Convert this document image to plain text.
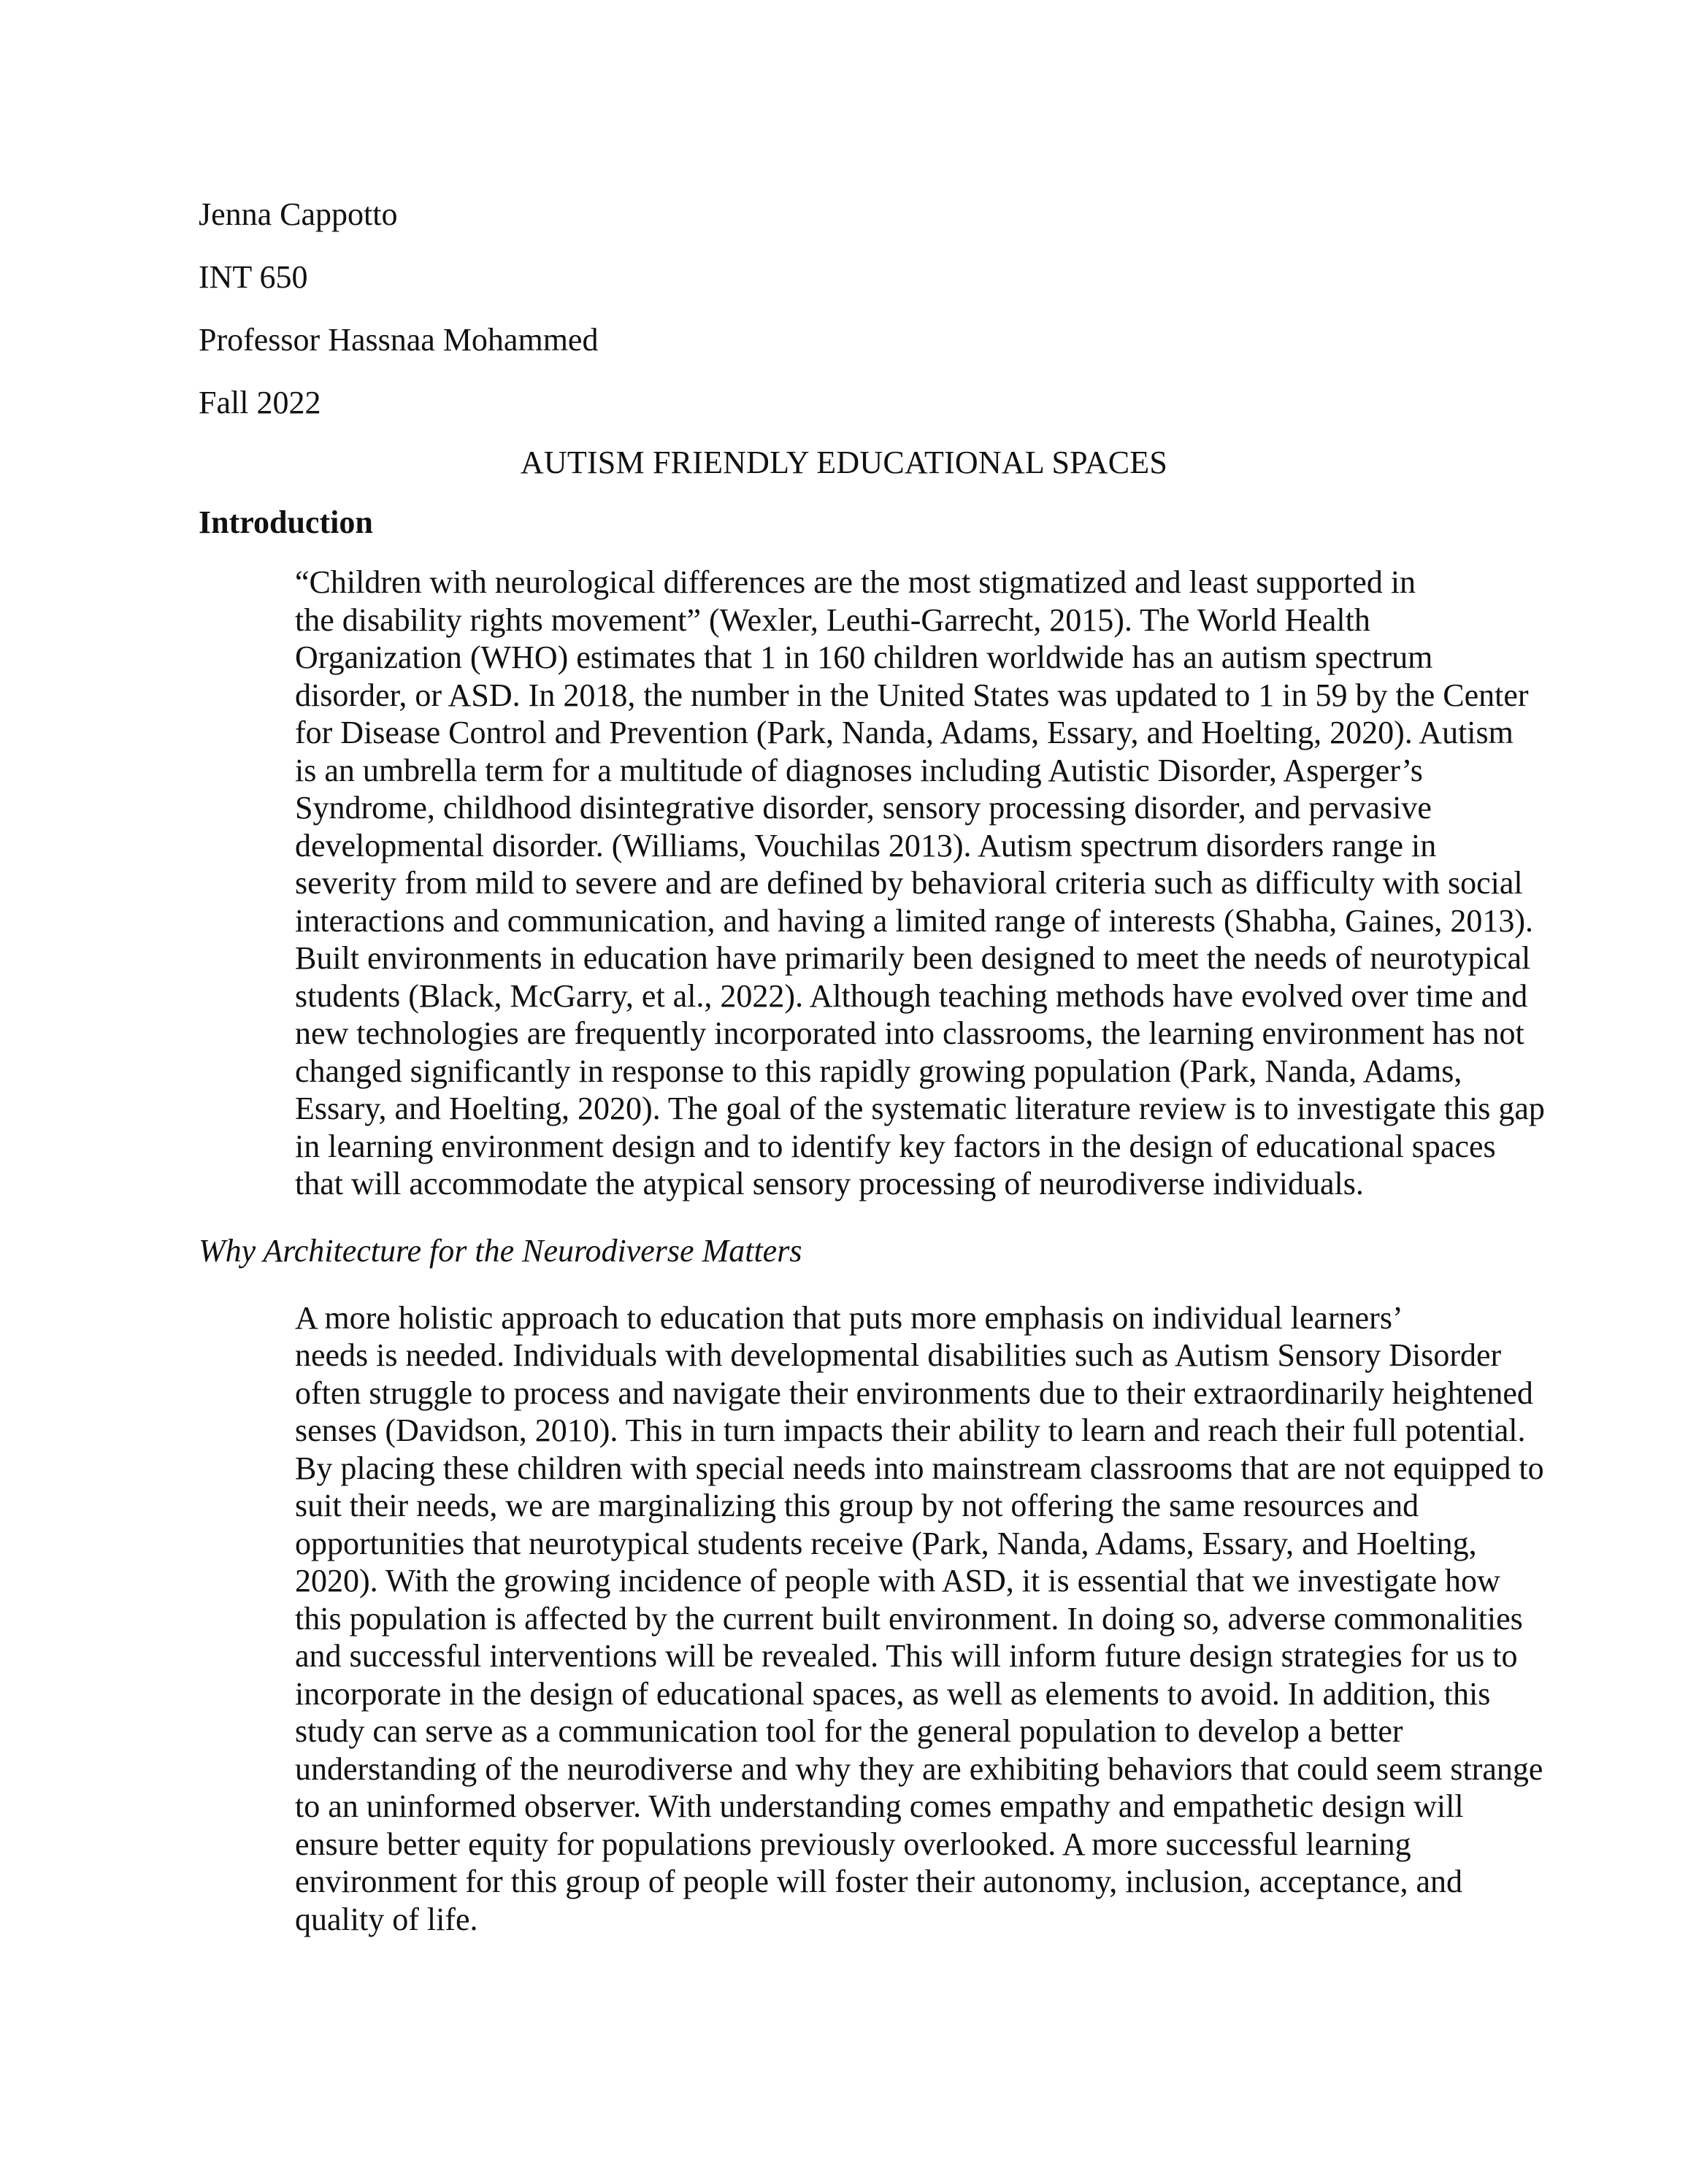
Jenna Cappotto
INT 650
Professor Hassnaa Mohammed
Fall 2022
AUTISM FRIENDLY EDUCATIONAL SPACES
Introduction

“Children with neurological differences are the most stigmatized and least supported in
the disability rights movement” (Wexler, Leuthi-Garrecht, 2015). The World Health
Organization (WHO) estimates that 1 in 160 children worldwide has an autism spectrum
disorder, or ASD. In 2018, the number in the United States was updated to 1 in 59 by the Center
for Disease Control and Prevention (Park, Nanda, Adams, Essary, and Hoelting, 2020). Autism
is an umbrella term for a multitude of diagnoses including Autistic Disorder, Asperger’s
Syndrome, childhood disintegrative disorder, sensory processing disorder, and pervasive
developmental disorder. (Williams, Vouchilas 2013). Autism spectrum disorders range in
severity from mild to severe and are defined by behavioral criteria such as difficulty with social
interactions and communication, and having a limited range of interests (Shabha, Gaines, 2013).
Built environments in education have primarily been designed to meet the needs of neurotypical
students (Black, McGarry, et al., 2022). Although teaching methods have evolved over time and
new technologies are frequently incorporated into classrooms, the learning environment has not
changed significantly in response to this rapidly growing population (Park, Nanda, Adams,
Essary, and Hoelting, 2020). The goal of the systematic literature review is to investigate this gap
in learning environment design and to identify key factors in the design of educational spaces
that will accommodate the atypical sensory processing of neurodiverse individuals.

Why Architecture for the Neurodiverse Matters

A more holistic approach to education that puts more emphasis on individual learners’
needs is needed. Individuals with developmental disabilities such as Autism Sensory Disorder
often struggle to process and navigate their environments due to their extraordinarily heightened
senses (Davidson, 2010). This in turn impacts their ability to learn and reach their full potential.
By placing these children with special needs into mainstream classrooms that are not equipped to
suit their needs, we are marginalizing this group by not offering the same resources and
opportunities that neurotypical students receive (Park, Nanda, Adams, Essary, and Hoelting,
2020). With the growing incidence of people with ASD, it is essential that we investigate how
this population is affected by the current built environment. In doing so, adverse commonalities
and successful interventions will be revealed. This will inform future design strategies for us to
incorporate in the design of educational spaces, as well as elements to avoid. In addition, this
study can serve as a communication tool for the general population to develop a better
understanding of the neurodiverse and why they are exhibiting behaviors that could seem strange
to an uninformed observer. With understanding comes empathy and empathetic design will
ensure better equity for populations previously overlooked. A more successful learning
environment for this group of people will foster their autonomy, inclusion, acceptance, and
quality of life.
